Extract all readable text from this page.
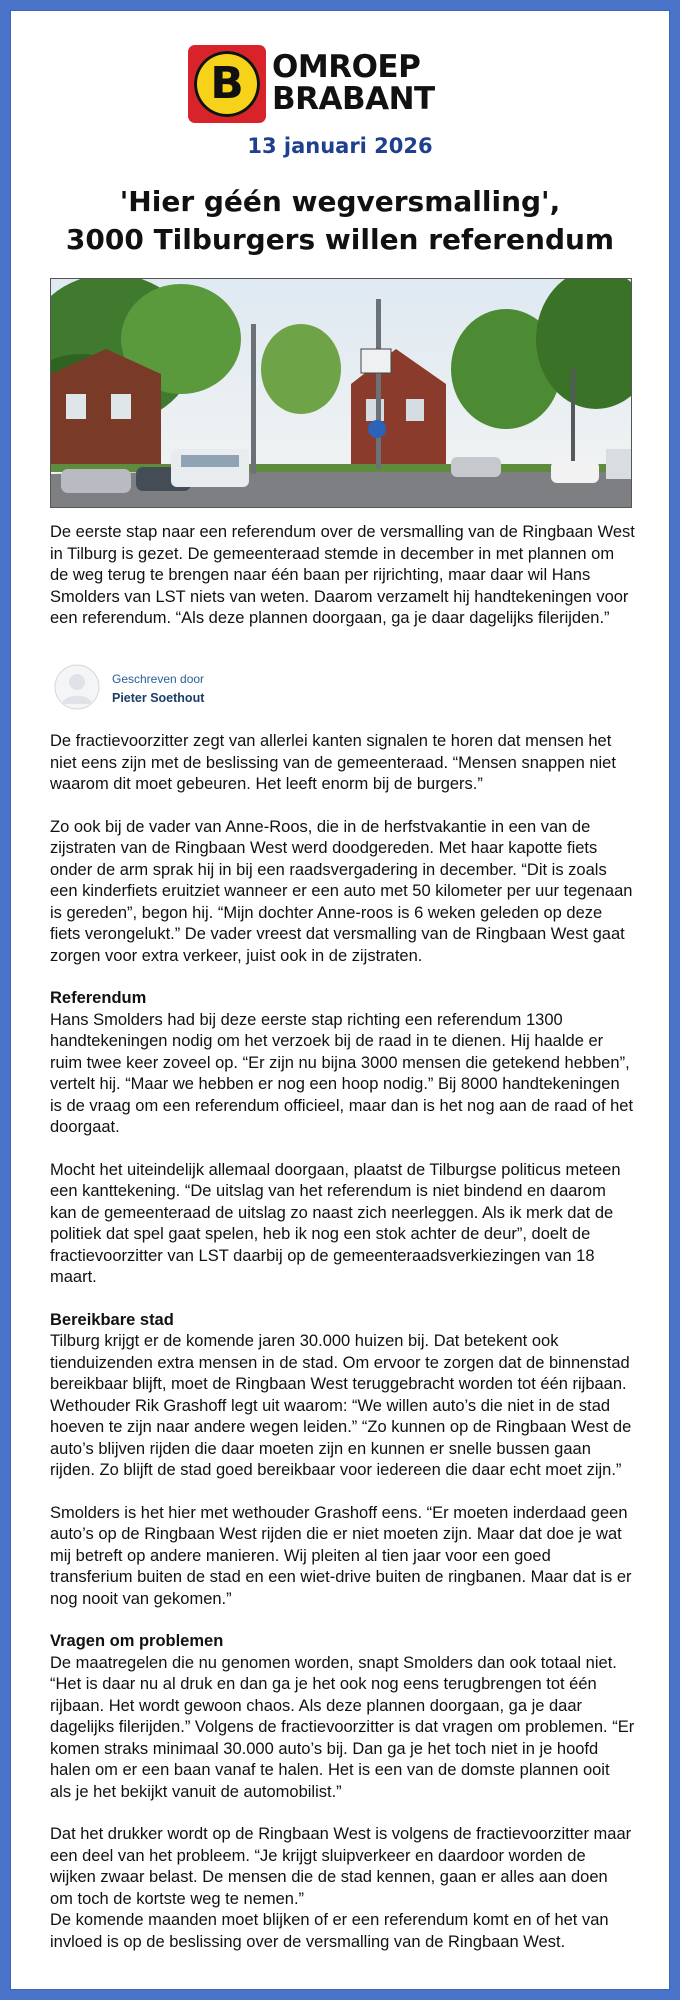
B OMROEP
BRABANT
13 januari 2026
'Hier géén wegversmalling',
3000 Tilburgers willen referendum

De eerste stap naar een referendum over de versmalling van de Ringbaan West in Tilburg is gezet. De gemeenteraad stemde in december in met plannen om de weg terug te brengen naar één baan per rijrichting, maar daar wil Hans Smolders van LST niets van weten. Daarom verzamelt hij handtekeningen voor een referendum. “Als deze plannen doorgaan, ga je daar dagelijks filerijden.”

Geschreven door
Pieter Soethout

De fractievoorzitter zegt van allerlei kanten signalen te horen dat mensen het niet eens zijn met de beslissing van de gemeenteraad. “Mensen snappen niet waarom dit moet gebeuren. Het leeft enorm bij de burgers.”

Zo ook bij de vader van Anne-Roos, die in de herfstvakantie in een van de zijstraten van de Ringbaan West werd doodgereden. Met haar kapotte fiets onder de arm sprak hij in bij een raadsvergadering in december. “Dit is zoals een kinderfiets eruitziet wanneer er een auto met 50 kilometer per uur tegenaan is gereden”, begon hij. “Mijn dochter Anne-roos is 6 weken geleden op deze fiets verongelukt.” De vader vreest dat versmalling van de Ringbaan West gaat zorgen voor extra verkeer, juist ook in de zijstraten.

Referendum

Hans Smolders had bij deze eerste stap richting een referendum 1300 handtekeningen nodig om het verzoek bij de raad in te dienen. Hij haalde er ruim twee keer zoveel op. “Er zijn nu bijna 3000 mensen die getekend hebben”, vertelt hij. “Maar we hebben er nog een hoop nodig.” Bij 8000 handtekeningen is de vraag om een referendum officieel, maar dan is het nog aan de raad of het doorgaat.

Mocht het uiteindelijk allemaal doorgaan, plaatst de Tilburgse politicus meteen een kanttekening. “De uitslag van het referendum is niet bindend en daarom kan de gemeenteraad de uitslag zo naast zich neerleggen. Als ik merk dat de politiek dat spel gaat spelen, heb ik nog een stok achter de deur”, doelt de fractievoorzitter van LST daarbij op de gemeenteraadsverkiezingen van 18 maart.

Bereikbare stad

Tilburg krijgt er de komende jaren 30.000 huizen bij. Dat betekent ook tienduizenden extra mensen in de stad. Om ervoor te zorgen dat de binnenstad bereikbaar blijft, moet de Ringbaan West teruggebracht worden tot één rijbaan. Wethouder Rik Grashoff legt uit waarom: “We willen auto’s die niet in de stad hoeven te zijn naar andere wegen leiden.” “Zo kunnen op de Ringbaan West de auto’s blijven rijden die daar moeten zijn en kunnen er snelle bussen gaan rijden. Zo blijft de stad goed bereikbaar voor iedereen die daar echt moet zijn.”

Smolders is het hier met wethouder Grashoff eens. “Er moeten inderdaad geen auto’s op de Ringbaan West rijden die er niet moeten zijn. Maar dat doe je wat mij betreft op andere manieren. Wij pleiten al tien jaar voor een goed transferium buiten de stad en een wiet-drive buiten de ringbanen. Maar dat is er nog nooit van gekomen.”

Vragen om problemen

De maatregelen die nu genomen worden, snapt Smolders dan ook totaal niet. “Het is daar nu al druk en dan ga je het ook nog eens terugbrengen tot één rijbaan. Het wordt gewoon chaos. Als deze plannen doorgaan, ga je daar dagelijks filerijden.” Volgens de fractievoorzitter is dat vragen om problemen. “Er komen straks minimaal 30.000 auto’s bij. Dan ga je het toch niet in je hoofd halen om er een baan vanaf te halen. Het is een van de domste plannen ooit als je het bekijkt vanuit de automobilist.”

Dat het drukker wordt op de Ringbaan West is volgens de fractievoorzitter maar een deel van het probleem. “Je krijgt sluipverkeer en daardoor worden de wijken zwaar belast. De mensen die de stad kennen, gaan er alles aan doen om toch de kortste weg te nemen.”

De komende maanden moet blijken of er een referendum komt en of het van invloed is op de beslissing over de versmalling van de Ringbaan West.
